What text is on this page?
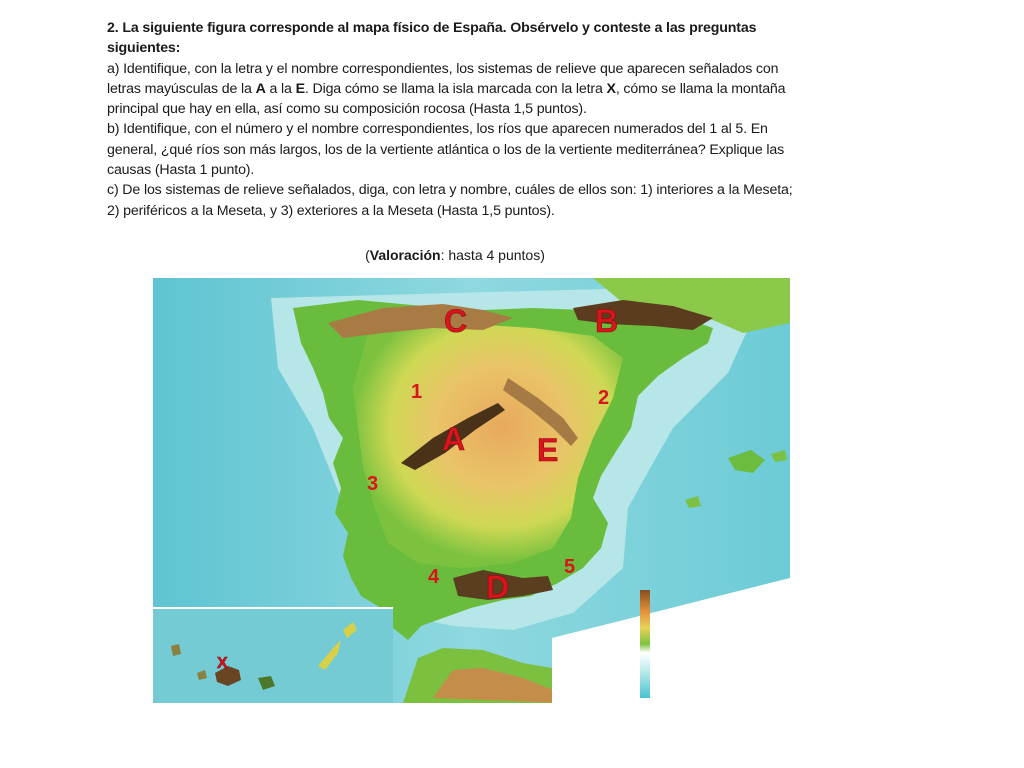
2. La siguiente figura corresponde al mapa físico de España. Obsérvelo y conteste a las preguntas siguientes:

a) Identifique, con la letra y el nombre correspondientes, los sistemas de relieve que aparecen señalados con letras mayúsculas de la A a la E. Diga cómo se llama la isla marcada con la letra X, cómo se llama la montaña principal que hay en ella, así como su composición rocosa (Hasta 1,5 puntos).

b) Identifique, con el número y el nombre correspondientes, los ríos que aparecen numerados del 1 al 5. En general, ¿qué ríos son más largos, los de la vertiente atlántica o los de la vertiente mediterránea? Explique las causas (Hasta 1 punto).

c) De los sistemas de relieve señalados, diga, con letra y nombre, cuáles de ellos son: 1) interiores a la Meseta; 2) periféricos a la Meseta, y 3) exteriores a la Meseta (Hasta 1,5 puntos).

(Valoración: hasta 4 puntos)
C	B
A E
D
X
1	2
3
4	5
